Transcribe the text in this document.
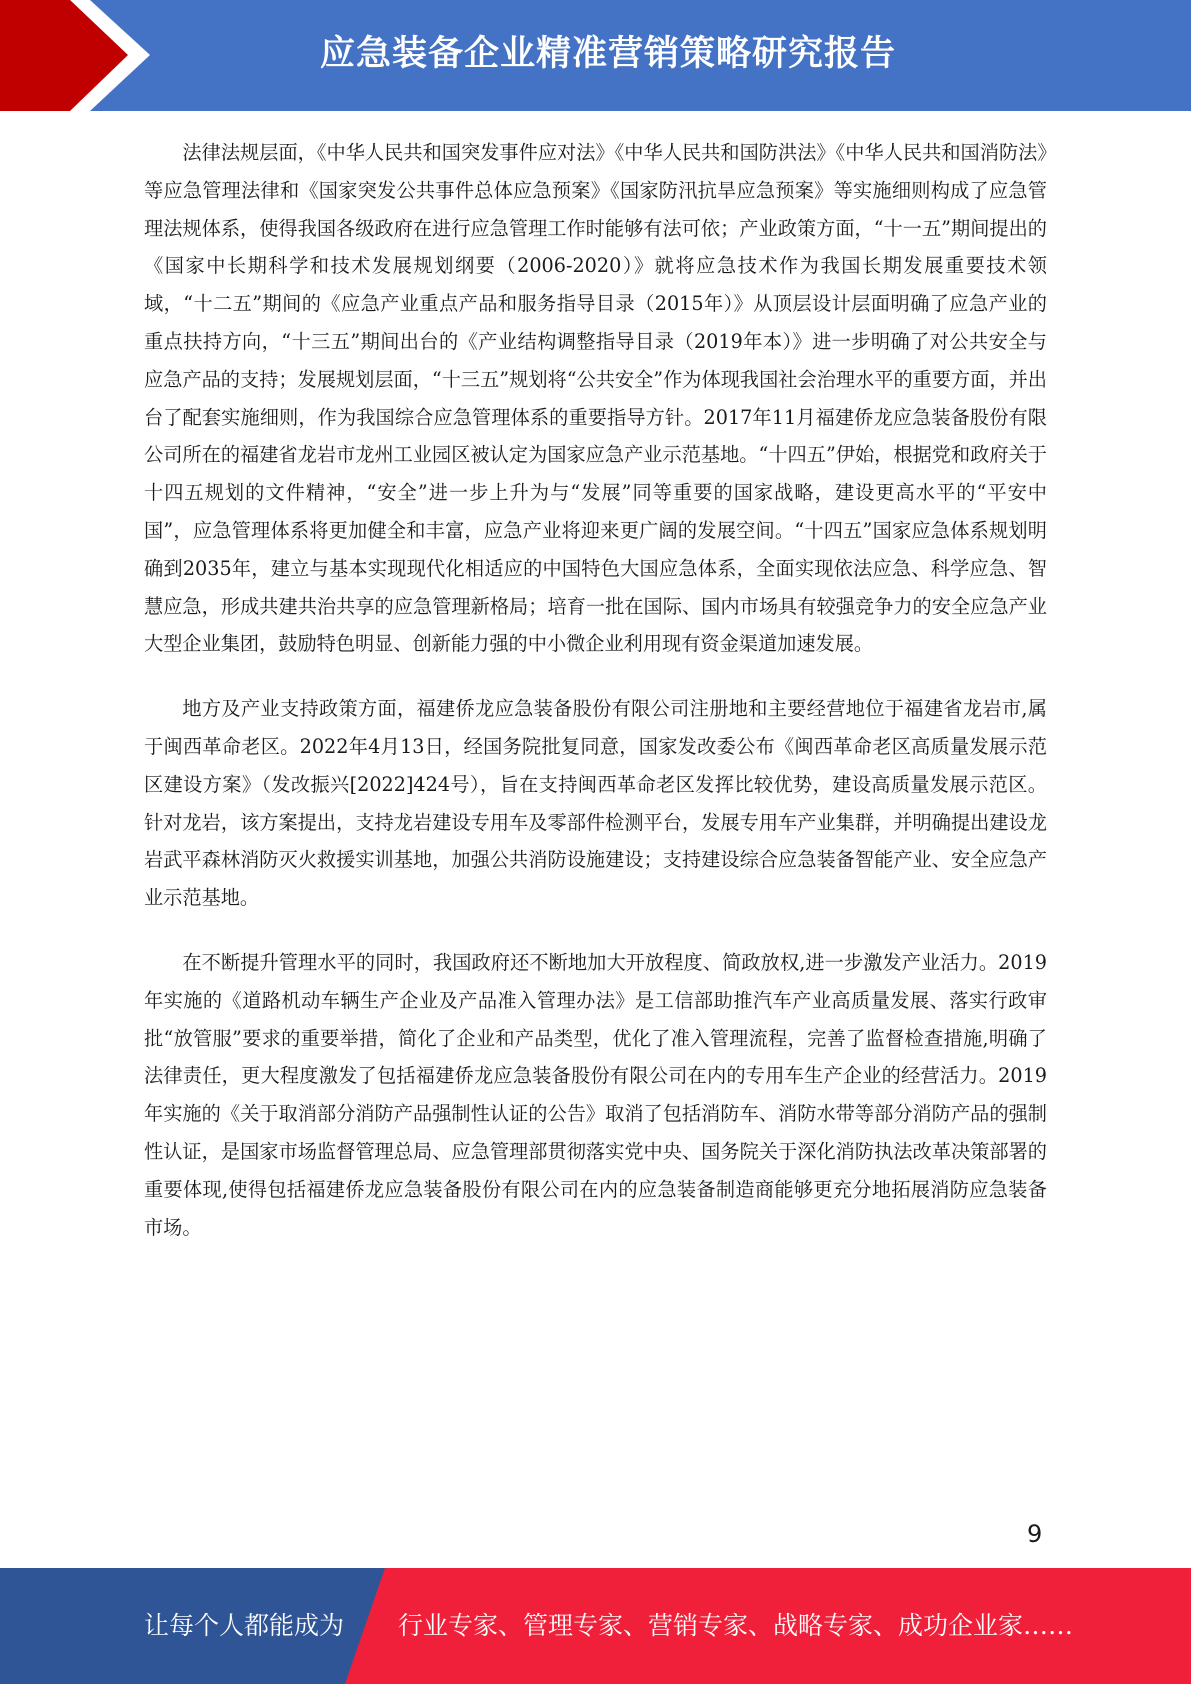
应急装备企业精准营销策略研究报告

法律法规层面，《中华人民共和国突发事件应对法》《中华人民共和国防洪法》《中华人民共和国消防法》等应急管理法律和《国家突发公共事件总体应急预案》《国家防汛抗旱应急预案》等实施细则构成了应急管理法规体系，使得我国各级政府在进行应急管理工作时能够有法可依；产业政策方面，“十一五”期间提出的《国家中长期科学和技术发展规划纲要（2006-2020）》就将应急技术作为我国长期发展重要技术领域，“十二五”期间的《应急产业重点产品和服务指导目录（2015年）》从顶层设计层面明确了应急产业的重点扶持方向，“十三五”期间出台的《产业结构调整指导目录（2019年本）》进一步明确了对公共安全与应急产品的支持；发展规划层面，“十三五”规划将“公共安全”作为体现我国社会治理水平的重要方面，并出台了配套实施细则，作为我国综合应急管理体系的重要指导方针。2017年11月福建侨龙应急装备股份有限公司所在的福建省龙岩市龙州工业园区被认定为国家应急产业示范基地。“十四五”伊始，根据党和政府关于十四五规划的文件精神，“安全”进一步上升为与“发展”同等重要的国家战略，建设更高水平的“平安中国”，应急管理体系将更加健全和丰富，应急产业将迎来更广阔的发展空间。“十四五”国家应急体系规划明确到2035年，建立与基本实现现代化相适应的中国特色大国应急体系，全面实现依法应急、科学应急、智慧应急，形成共建共治共享的应急管理新格局；培育一批在国际、国内市场具有较强竞争力的安全应急产业大型企业集团，鼓励特色明显、创新能力强的中小微企业利用现有资金渠道加速发展。

地方及产业支持政策方面，福建侨龙应急装备股份有限公司注册地和主要经营地位于福建省龙岩市,属于闽西革命老区。2022年4月13日，经国务院批复同意，国家发改委公布《闽西革命老区高质量发展示范区建设方案》（发改振兴[2022]424号），旨在支持闽西革命老区发挥比较优势，建设高质量发展示范区。针对龙岩，该方案提出，支持龙岩建设专用车及零部件检测平台，发展专用车产业集群，并明确提出建设龙岩武平森林消防灭火救援实训基地，加强公共消防设施建设；支持建设综合应急装备智能产业、安全应急产业示范基地。

在不断提升管理水平的同时，我国政府还不断地加大开放程度、简政放权,进一步激发产业活力。2019年实施的《道路机动车辆生产企业及产品准入管理办法》是工信部助推汽车产业高质量发展、落实行政审批“放管服”要求的重要举措，简化了企业和产品类型，优化了准入管理流程，完善了监督检查措施,明确了法律责任，更大程度激发了包括福建侨龙应急装备股份有限公司在内的专用车生产企业的经营活力。2019年实施的《关于取消部分消防产品强制性认证的公告》取消了包括消防车、消防水带等部分消防产品的强制性认证，是国家市场监督管理总局、应急管理部贯彻落实党中央、国务院关于深化消防执法改革决策部署的重要体现,使得包括福建侨龙应急装备股份有限公司在内的应急装备制造商能够更充分地拓展消防应急装备市场。

9
让每个人都能成为 行业专家、管理专家、营销专家、战略专家、成功企业家……
